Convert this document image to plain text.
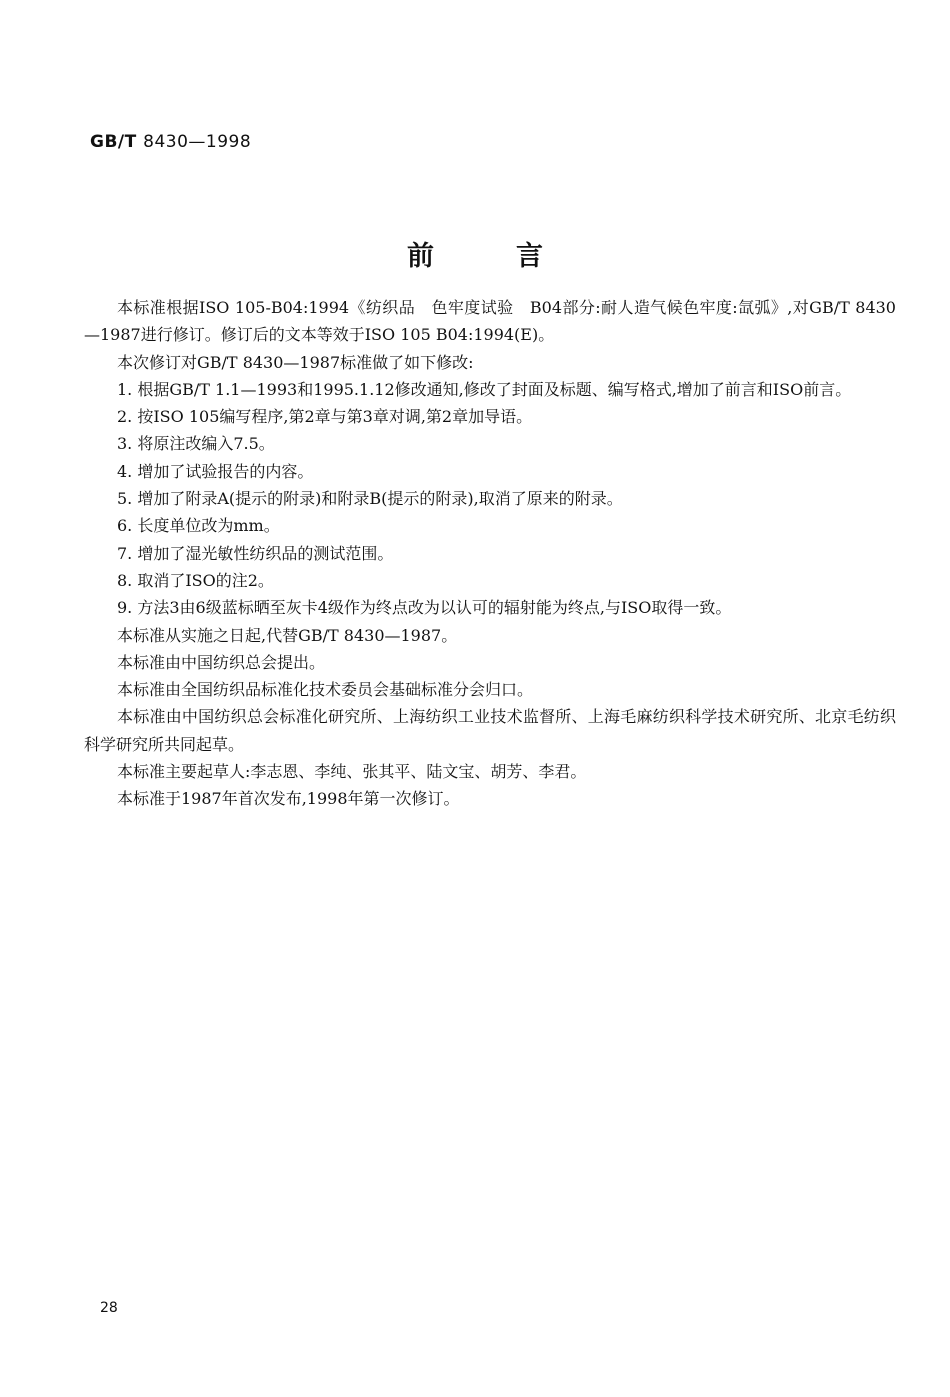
GB/T 8430—1998
前言

本标准根据ISO 105-B04:1994《纺织品　色牢度试验　B04部分:耐人造气候色牢度:氙弧》,对GB/T 8430—1987进行修订。修订后的文本等效于ISO 105 B04:1994(E)。

本次修订对GB/T 8430—1987标准做了如下修改:

1. 根据GB/T 1.1—1993和1995.1.12修改通知,修改了封面及标题、编写格式,增加了前言和ISO前言。

2. 按ISO 105编写程序,第2章与第3章对调,第2章加导语。

3. 将原注改编入7.5。

4. 增加了试验报告的内容。

5. 增加了附录A(提示的附录)和附录B(提示的附录),取消了原来的附录。

6. 长度单位改为mm。

7. 增加了湿光敏性纺织品的测试范围。

8. 取消了ISO的注2。

9. 方法3由6级蓝标晒至灰卡4级作为终点改为以认可的辐射能为终点,与ISO取得一致。

本标准从实施之日起,代替GB/T 8430—1987。

本标准由中国纺织总会提出。

本标准由全国纺织品标准化技术委员会基础标准分会归口。

本标准由中国纺织总会标准化研究所、上海纺织工业技术监督所、上海毛麻纺织科学技术研究所、北京毛纺织科学研究所共同起草。

本标准主要起草人:李志恩、李纯、张其平、陆文宝、胡芳、李君。

本标准于1987年首次发布,1998年第一次修订。

28
